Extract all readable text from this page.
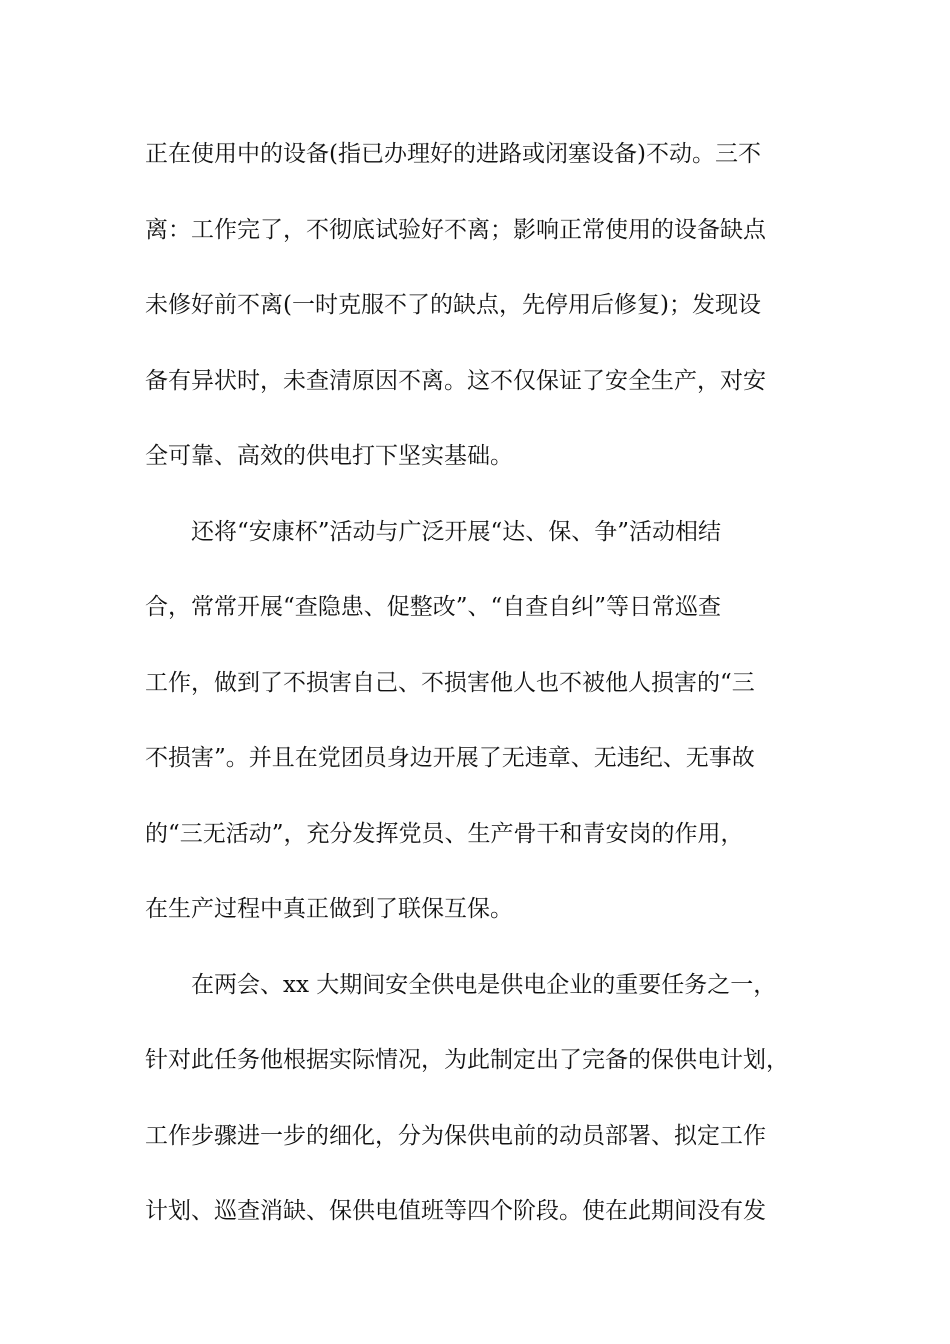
正在使用中的设备(指已办理好的进路或闭塞设备)不动。三不
离：工作完了，不彻底试验好不离；影响正常使用的设备缺点
未修好前不离(一时克服不了的缺点，先停用后修复)；发现设
备有异状时，未查清原因不离。这不仅保证了安全生产，对安
全可靠、高效的供电打下坚实基础。
还将“安康杯”活动与广泛开展“达、保、争”活动相结
合，常常开展“查隐患、促整改”、“自查自纠”等日常巡查
工作，做到了不损害自己、不损害他人也不被他人损害的“三
不损害”。并且在党团员身边开展了无违章、无违纪、无事故
的“三无活动”，充分发挥党员、生产骨干和青安岗的作用，
在生产过程中真正做到了联保互保。
在两会、xx 大期间安全供电是供电企业的重要任务之一，
针对此任务他根据实际情况，为此制定出了完备的保供电计划，
工作步骤进一步的细化，分为保供电前的动员部署、拟定工作
计划、巡查消缺、保供电值班等四个阶段。使在此期间没有发
